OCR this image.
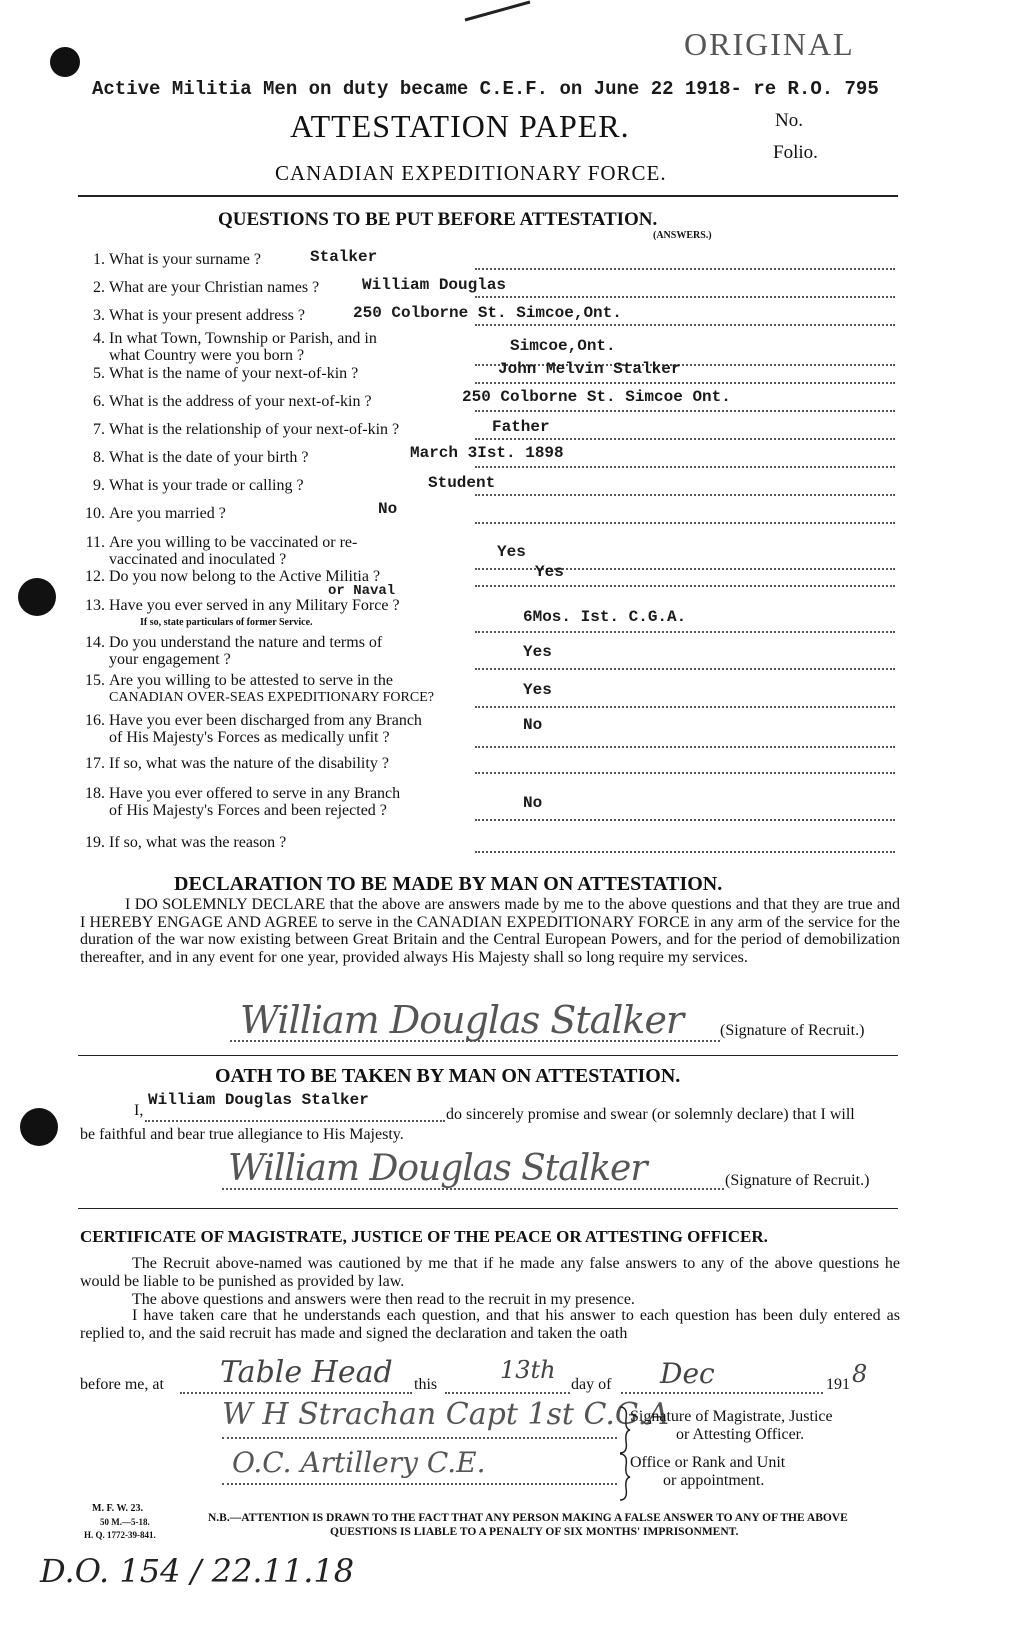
ORIGINAL
Active Militia Men on duty became C.E.F. on June 22 1918- re R.O. 795
ATTESTATION PAPER.	No.
Folio.
CANADIAN EXPEDITIONARY FORCE.
QUESTIONS TO BE PUT BEFORE ATTESTATION.
(ANSWERS.)
1. What is your surname ?	Stalker
2. What are your Christian names ?	William Douglas
3. What is your present address ?	250 Colborne St. Simcoe,Ont.
4. In what Town, Township or Parish, and in
what Country were you born ?
Simcoe,Ont.
5. What is the name of your next-of-kin ?	John Melvin Stalker
6. What is the address of your next-of-kin ?	250 Colborne St. Simcoe Ont.
7. What is the relationship of your next-of-kin ?	Father
8. What is the date of your birth ?	March 3Ist. 1898
9. What is your trade or calling ?	Student
10. Are you married ?	No
11. Are you willing to be vaccinated or re-
vaccinated and inoculated ?	Yes
12. Do you now belong to the Active Militia ?	Yes
13. Have you ever served in any Military Force ?
If so, state particulars of former Service.
or Naval
6Mos. Ist. C.G.A.
14. Do you understand the nature and terms of
your engagement ?	Yes
15. Are you willing to be attested to serve in the
CANADIAN OVER-SEAS EXPEDITIONARY FORCE?	Yes
16. Have you ever been discharged from any Branch
of His Majesty's Forces as medically unfit ?
No
17. If so, what was the nature of the disability ?
18. Have you ever offered to serve in any Branch
of His Majesty's Forces and been rejected ?	No
19. If so, what was the reason ?
DECLARATION TO BE MADE BY MAN ON ATTESTATION.
I DO SOLEMNLY DECLARE that the above are answers made by me to the above questions and that they are true and I HEREBY ENGAGE AND AGREE to serve in the CANADIAN EXPEDITIONARY FORCE in any arm of the service for the duration of the war now existing between Great Britain and the Central European Powers, and for the period of demobilization thereafter, and in any event for one year, provided always His Majesty shall so long require my services.
William Douglas Stalker (Signature of Recruit.)
OATH TO BE TAKEN BY MAN ON ATTESTATION.
I,
William Douglas Stalker
do sincerely promise and swear (or solemnly declare) that I will
be faithful and bear true allegiance to His Majesty.
William Douglas Stalker	(Signature of Recruit.)
CERTIFICATE OF MAGISTRATE, JUSTICE OF THE PEACE OR ATTESTING OFFICER.
The Recruit above-named was cautioned by me that if he made any false answers to any of the above questions he would be liable to be punished as provided by law.
The above questions and answers were then read to the recruit in my presence.
I have taken care that he understands each question, and that his answer to each question has been duly entered as replied to, and the said recruit has made and signed the declaration and taken the oath
before me, at Table Head this
13th
day of Dec	191 8
W H Strachan Capt 1st C.G.A
Signature of Magistrate, Justice
or Attesting Officer.
O.C. Artillery C.E.	Office or Rank and Unit
or appointment.
M. F. W. 23.
50 M.—5-18.
H. Q. 1772-39-841.
N.B.—ATTENTION IS DRAWN TO THE FACT THAT ANY PERSON MAKING A FALSE ANSWER TO ANY OF THE ABOVE
QUESTIONS IS LIABLE TO A PENALTY OF SIX MONTHS' IMPRISONMENT.
D.O. 154 / 22.11.18
